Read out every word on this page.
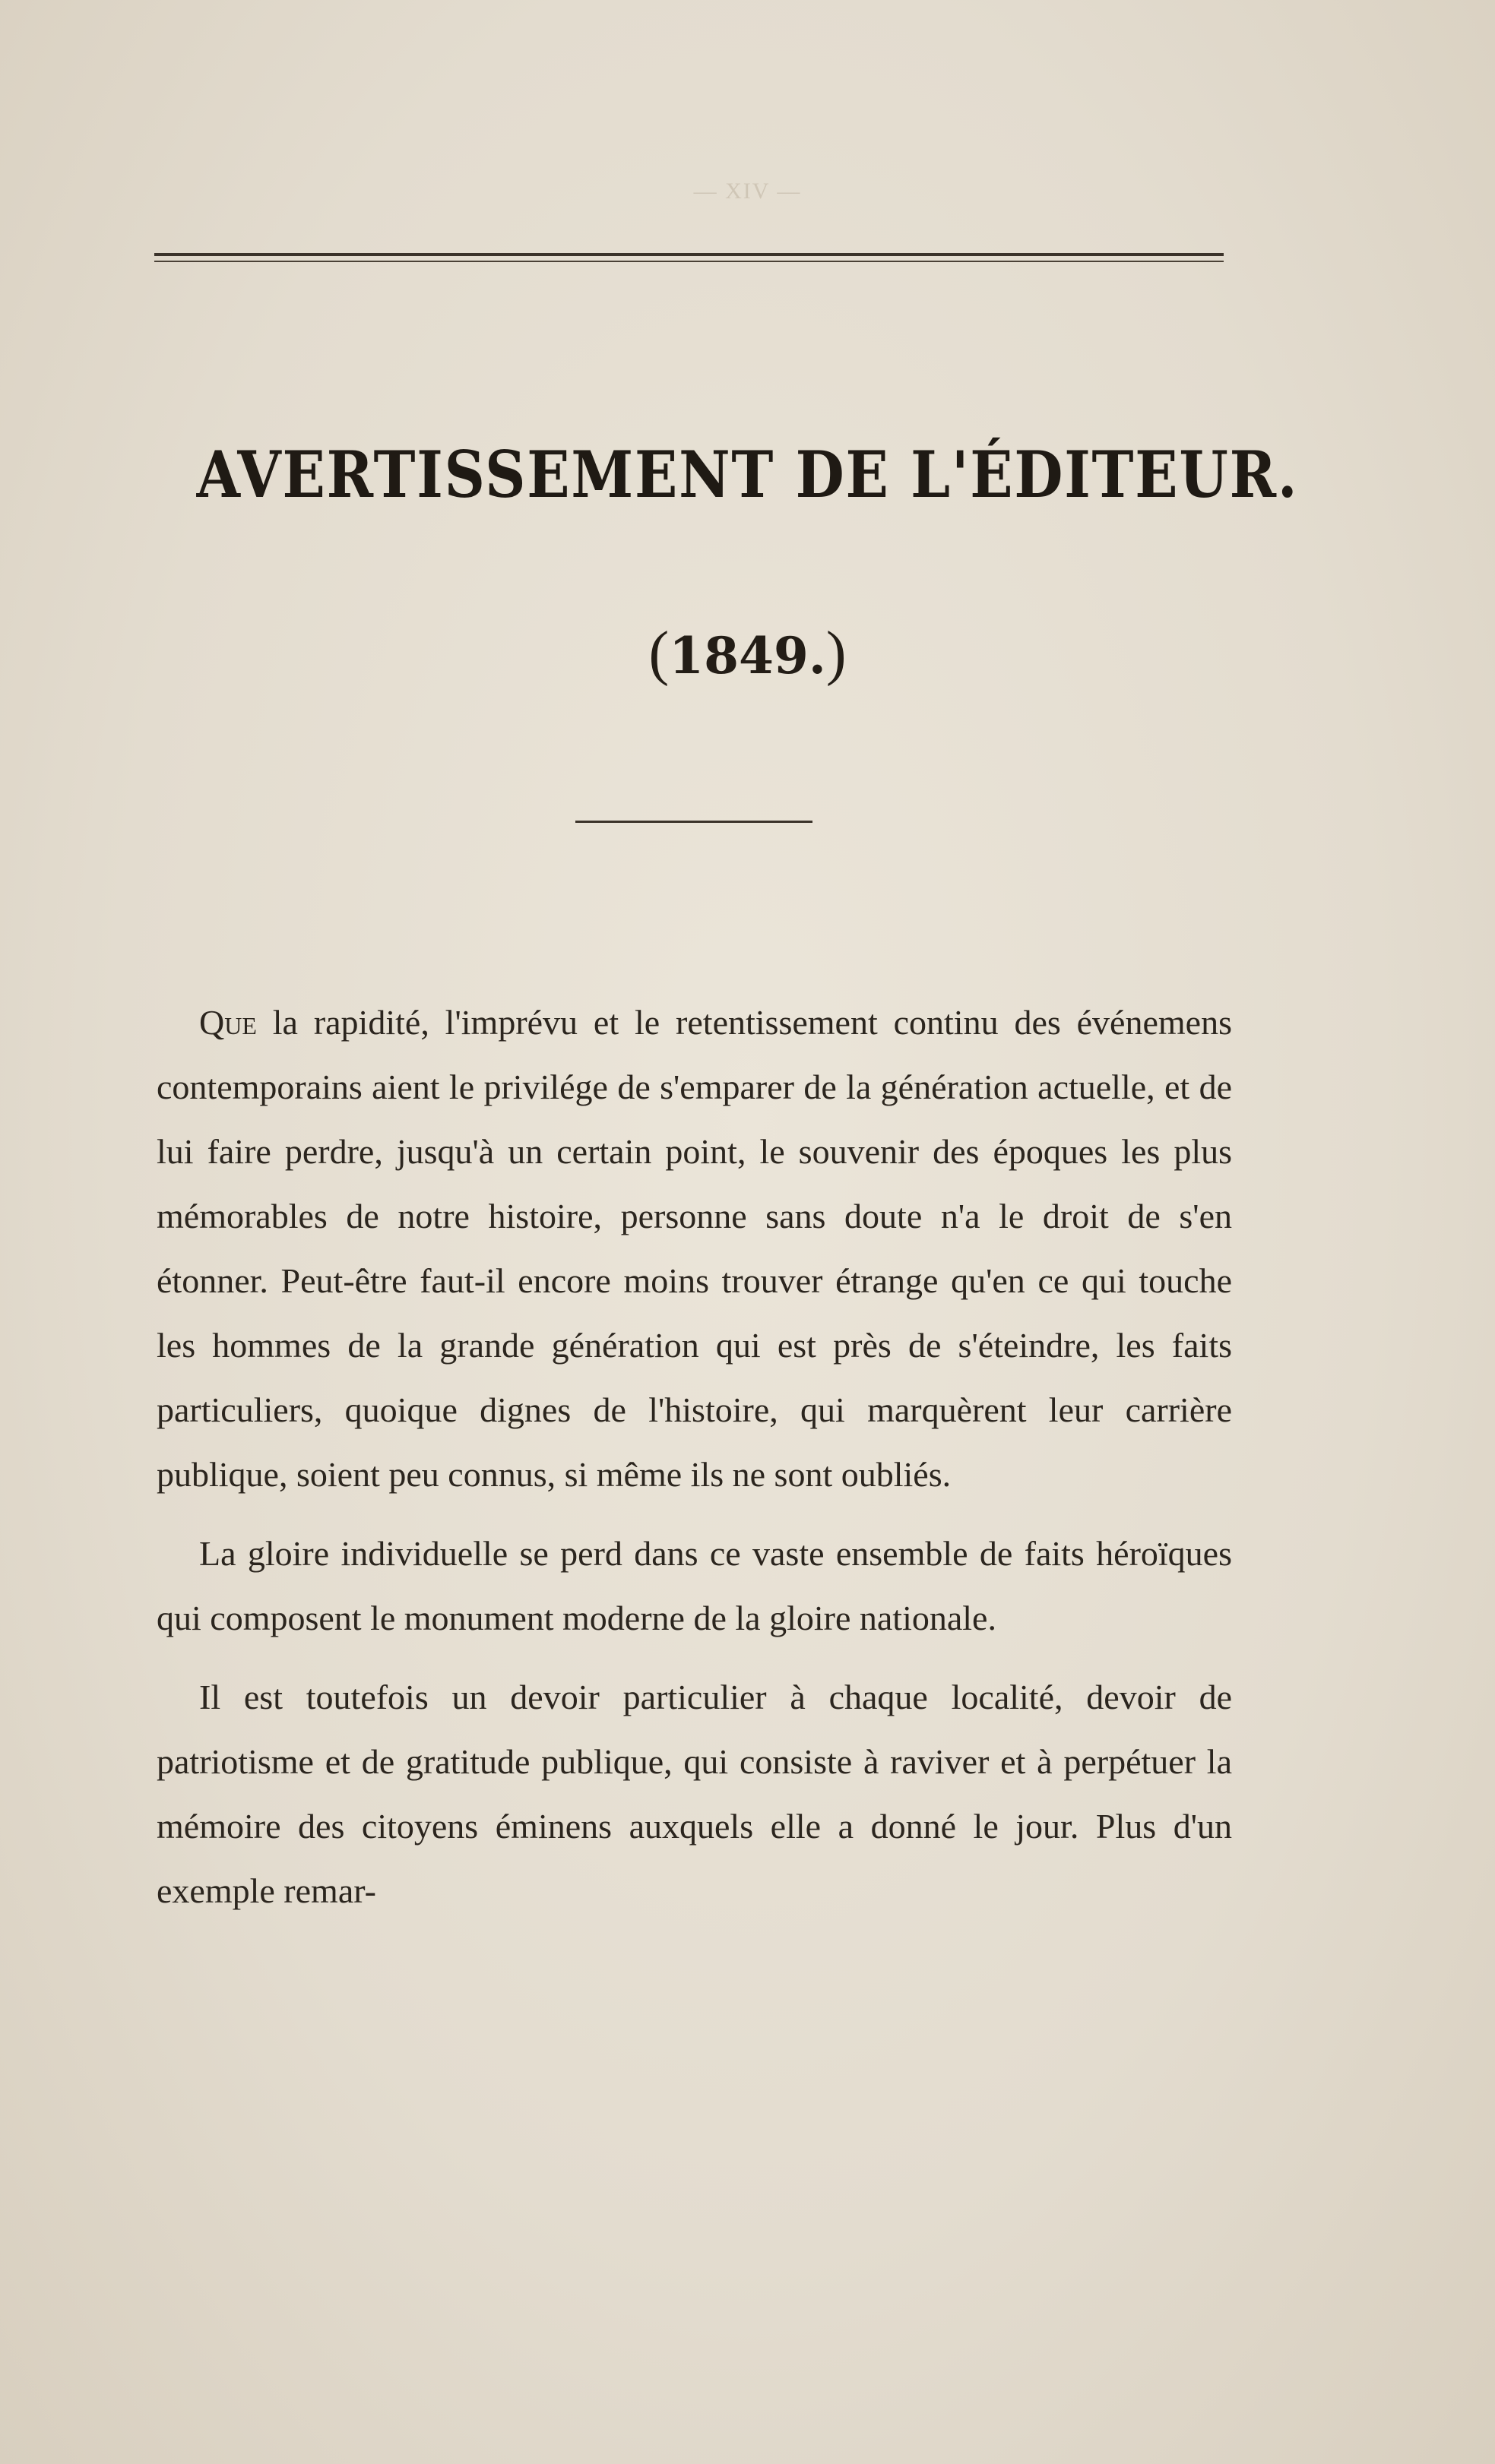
— XIV —
AVERTISSEMENT DE L'ÉDITEUR.
(1849.)

Que la rapidité, l'imprévu et le retentissement continu des événemens contemporains aient le privilége de s'emparer de la génération actuelle, et de lui faire perdre, jusqu'à un certain point, le souvenir des époques les plus mémorables de notre histoire, personne sans doute n'a le droit de s'en étonner. Peut-être faut-il encore moins trouver étrange qu'en ce qui touche les hommes de la grande génération qui est près de s'éteindre, les faits particuliers, quoique dignes de l'histoire, qui marquèrent leur carrière publique, soient peu connus, si même ils ne sont oubliés.

La gloire individuelle se perd dans ce vaste ensemble de faits héroïques qui composent le monument moderne de la gloire nationale.

Il est toutefois un devoir particulier à chaque localité, devoir de patriotisme et de gratitude publique, qui consiste à raviver et à perpétuer la mémoire des citoyens éminens auxquels elle a donné le jour. Plus d'un exemple remar-
